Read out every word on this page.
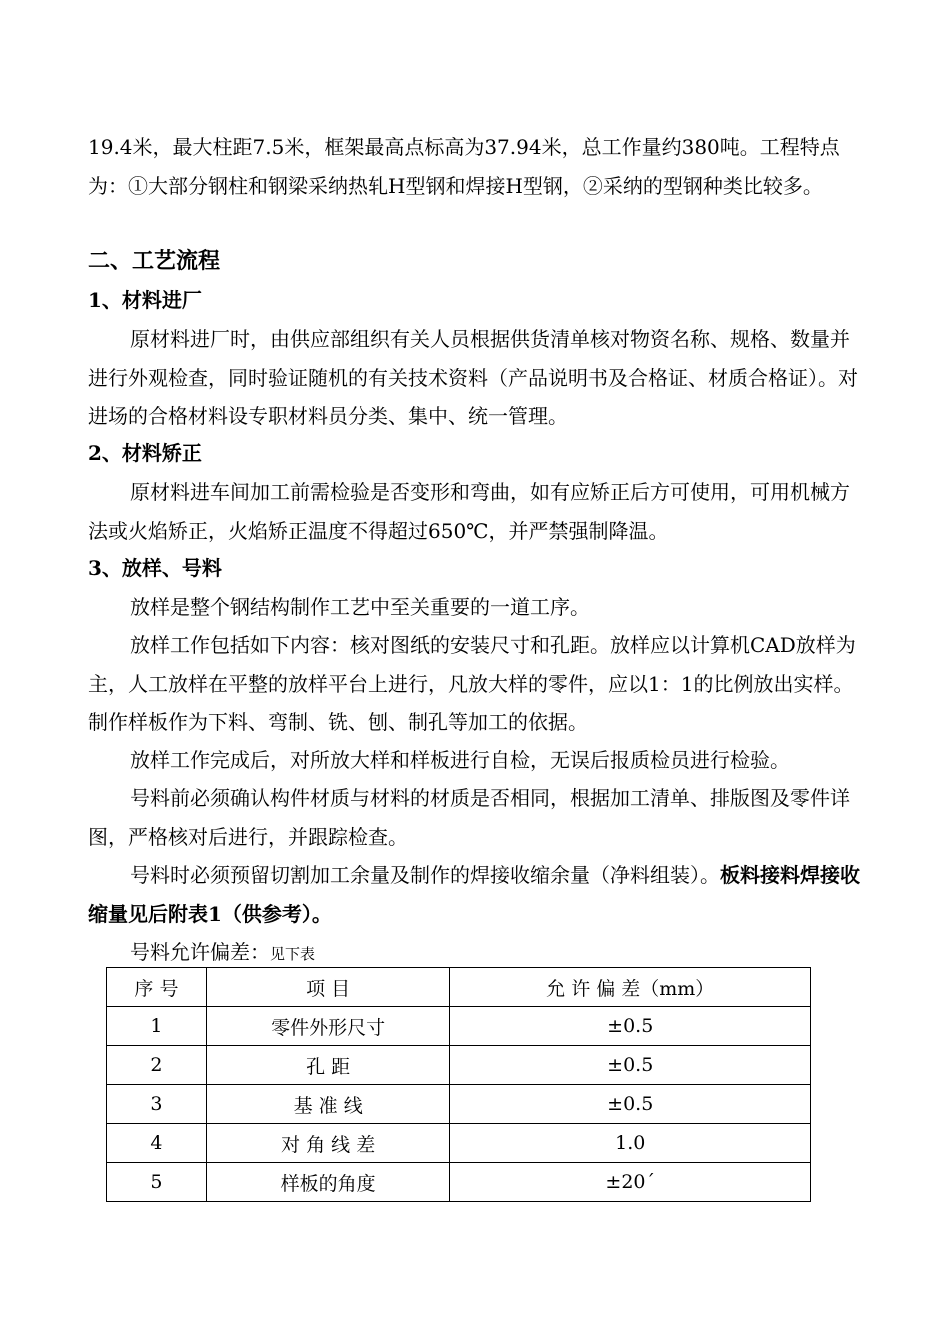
19.4米，最大柱距7.5米，框架最高点标高为37.94米，总工作量约380吨。工程特点为：①大部分钢柱和钢梁采纳热轧H型钢和焊接H型钢，②采纳的型钢种类比较多。

二、工艺流程

1、材料进厂

原材料进厂时，由供应部组织有关人员根据供货清单核对物资名称、规格、数量并进行外观检查，同时验证随机的有关技术资料（产品说明书及合格证、材质合格证）。对进场的合格材料设专职材料员分类、集中、统一管理。

2、材料矫正

原材料进车间加工前需检验是否变形和弯曲，如有应矫正后方可使用，可用机械方法或火焰矫正，火焰矫正温度不得超过650℃，并严禁强制降温。

3、放样、号料

放样是整个钢结构制作工艺中至关重要的一道工序。

放样工作包括如下内容：核对图纸的安装尺寸和孔距。放样应以计算机CAD放样为主，人工放样在平整的放样平台上进行，凡放大样的零件，应以1：1的比例放出实样。制作样板作为下料、弯制、铣、刨、制孔等加工的依据。

放样工作完成后，对所放大样和样板进行自检，无误后报质检员进行检验。

号料前必须确认构件材质与材料的材质是否相同，根据加工清单、排版图及零件详图，严格核对后进行，并跟踪检查。

号料时必须预留切割加工余量及制作的焊接收缩余量（净料组装）。板料接料焊接收缩量见后附表1（供参考）。

号料允许偏差：见下表

序 号	项 目	允 许 偏 差（mm）
1	零件外形尺寸	±0.5
2	孔 距	±0.5
3	基 准 线	±0.5
4	对 角 线 差	1.0
5	样板的角度	±20ˊ
